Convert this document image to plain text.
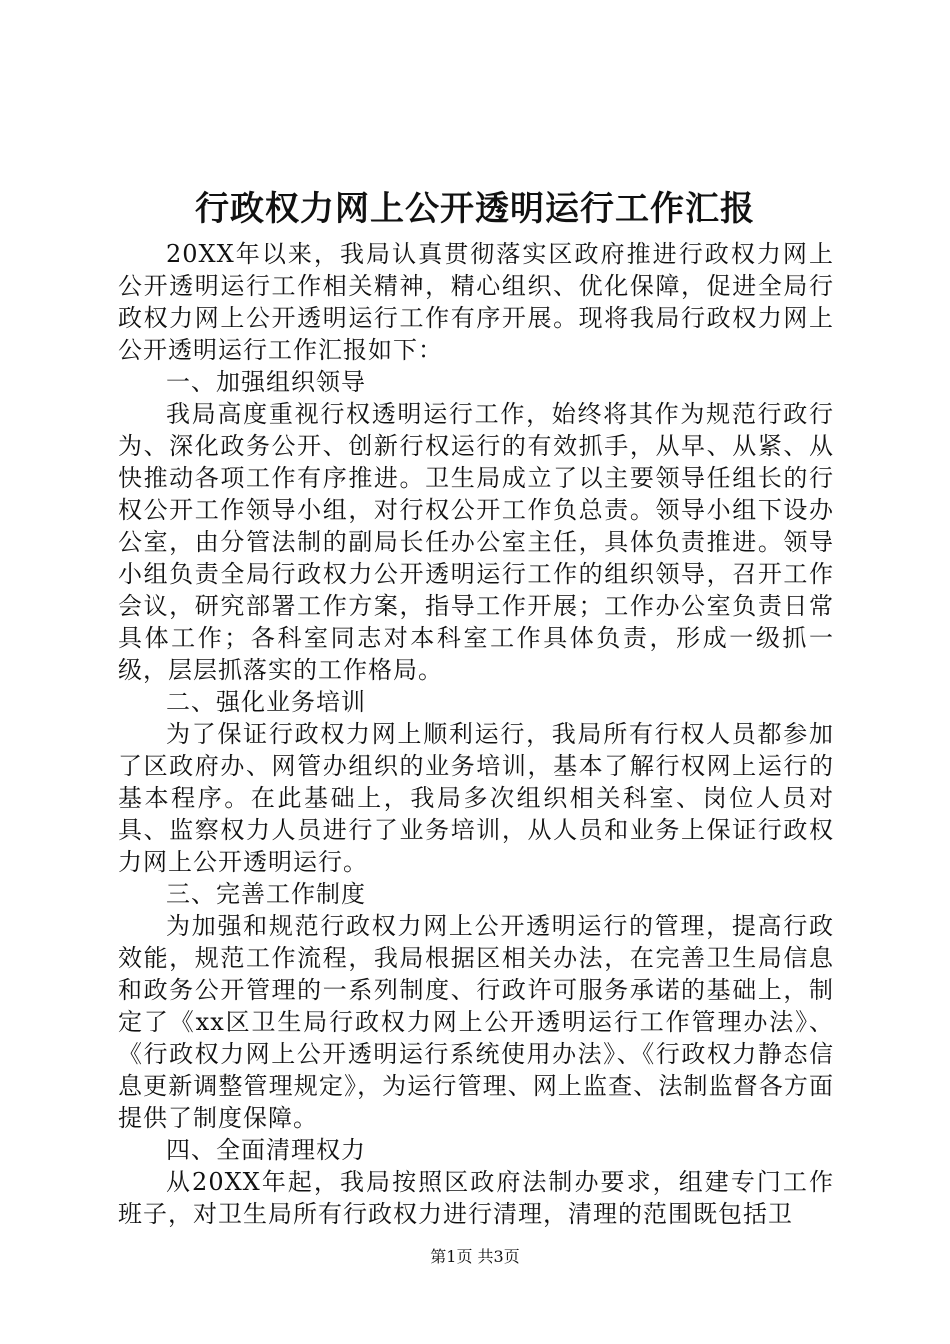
行政权力网上公开透明运行工作汇报

20XX年以来，我局认真贯彻落实区政府推进行政权力网上公开透明运行工作相关精神，精心组织、优化保障，促进全局行政权力网上公开透明运行工作有序开展。现将我局行政权力网上公开透明运行工作汇报如下：

一、加强组织领导

我局高度重视行权透明运行工作，始终将其作为规范行政行为、深化政务公开、创新行权运行的有效抓手，从早、从紧、从快推动各项工作有序推进。卫生局成立了以主要领导任组长的行权公开工作领导小组，对行权公开工作负总责。领导小组下设办公室，由分管法制的副局长任办公室主任，具体负责推进。领导小组负责全局行政权力公开透明运行工作的组织领导，召开工作会议，研究部署工作方案，指导工作开展；工作办公室负责日常具体工作；各科室同志对本科室工作具体负责，形成一级抓一级，层层抓落实的工作格局。

二、强化业务培训

为了保证行政权力网上顺利运行，我局所有行权人员都参加了区政府办、网管办组织的业务培训，基本了解行权网上运行的基本程序。在此基础上，我局多次组织相关科室、岗位人员对具、监察权力人员进行了业务培训，从人员和业务上保证行政权力网上公开透明运行。

三、完善工作制度

为加强和规范行政权力网上公开透明运行的管理，提高行政效能，规范工作流程，我局根据区相关办法，在完善卫生局信息和政务公开管理的一系列制度、行政许可服务承诺的基础上，制定了《xx区卫生局行政权力网上公开透明运行工作管理办法》、《行政权力网上公开透明运行系统使用办法》、《行政权力静态信息更新调整管理规定》，为运行管理、网上监查、法制监督各方面提供了制度保障。

四、全面清理权力

从20XX年起，我局按照区政府法制办要求，组建专门工作班子，对卫生局所有行政权力进行清理，清理的范围既包括卫

第1页 共3页
